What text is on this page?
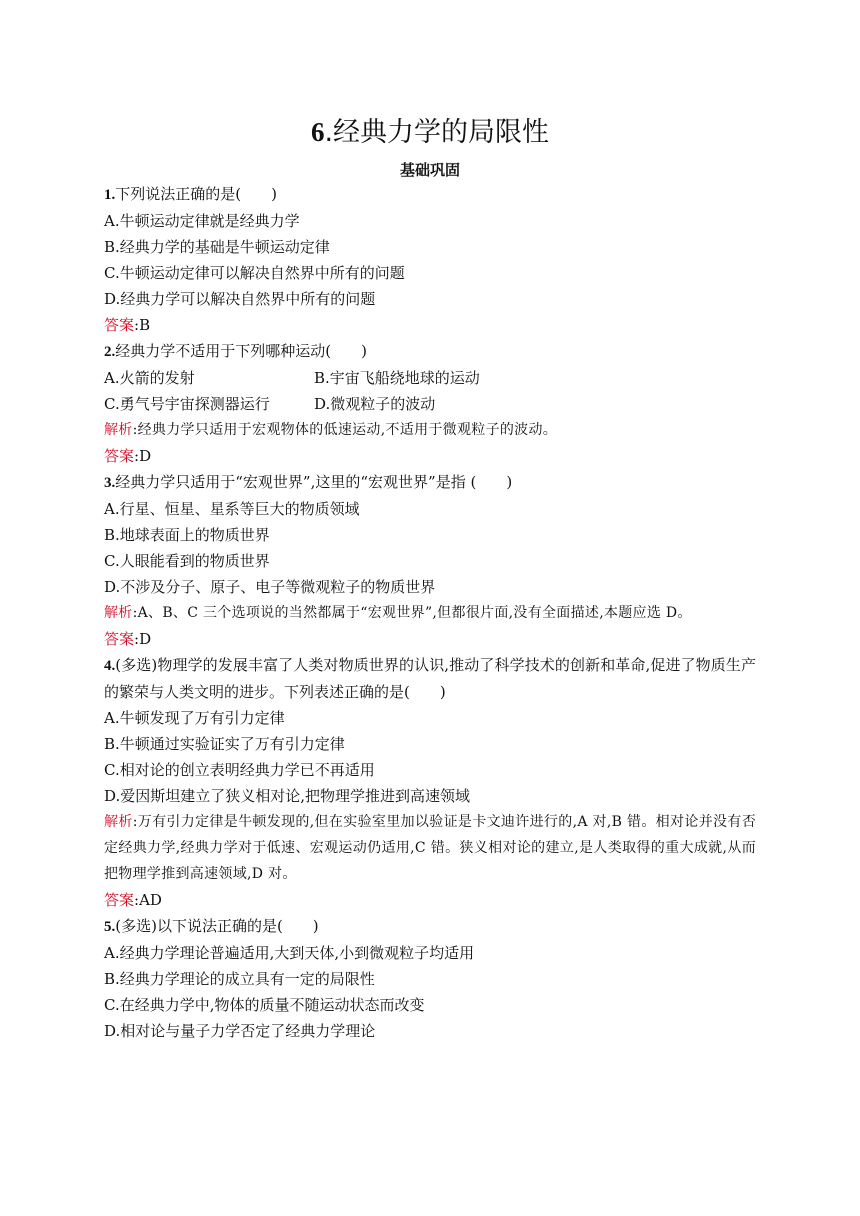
6.经典力学的局限性
基础巩固
1.下列说法正确的是(　　)
A.牛顿运动定律就是经典力学
B.经典力学的基础是牛顿运动定律
C.牛顿运动定律可以解决自然界中所有的问题
D.经典力学可以解决自然界中所有的问题
答案:B
2.经典力学不适用于下列哪种运动(　　)
A.火箭的发射	B.宇宙飞船绕地球的运动
C.勇气号宇宙探测器运行	D.微观粒子的波动
解析:经典力学只适用于宏观物体的低速运动,不适用于微观粒子的波动。
答案:D
3.经典力学只适用于“宏观世界”,这里的“宏观世界”是指 (　　)
A.行星、恒星、星系等巨大的物质领域
B.地球表面上的物质世界
C.人眼能看到的物质世界
D.不涉及分子、原子、电子等微观粒子的物质世界
解析:A、B、C 三个选项说的当然都属于“宏观世界”,但都很片面,没有全面描述,本题应选 D。
答案:D
4.(多选)物理学的发展丰富了人类对物质世界的认识,推动了科学技术的创新和革命,促进了物质生产的繁荣与人类文明的进步。下列表述正确的是(　　)
A.牛顿发现了万有引力定律
B.牛顿通过实验证实了万有引力定律
C.相对论的创立表明经典力学已不再适用
D.爱因斯坦建立了狭义相对论,把物理学推进到高速领域
解析:万有引力定律是牛顿发现的,但在实验室里加以验证是卡文迪许进行的,A 对,B 错。相对论并没有否定经典力学,经典力学对于低速、宏观运动仍适用,C 错。狭义相对论的建立,是人类取得的重大成就,从而把物理学推到高速领域,D 对。
答案:AD
5.(多选)以下说法正确的是(　　)
A.经典力学理论普遍适用,大到天体,小到微观粒子均适用
B.经典力学理论的成立具有一定的局限性
C.在经典力学中,物体的质量不随运动状态而改变
D.相对论与量子力学否定了经典力学理论
